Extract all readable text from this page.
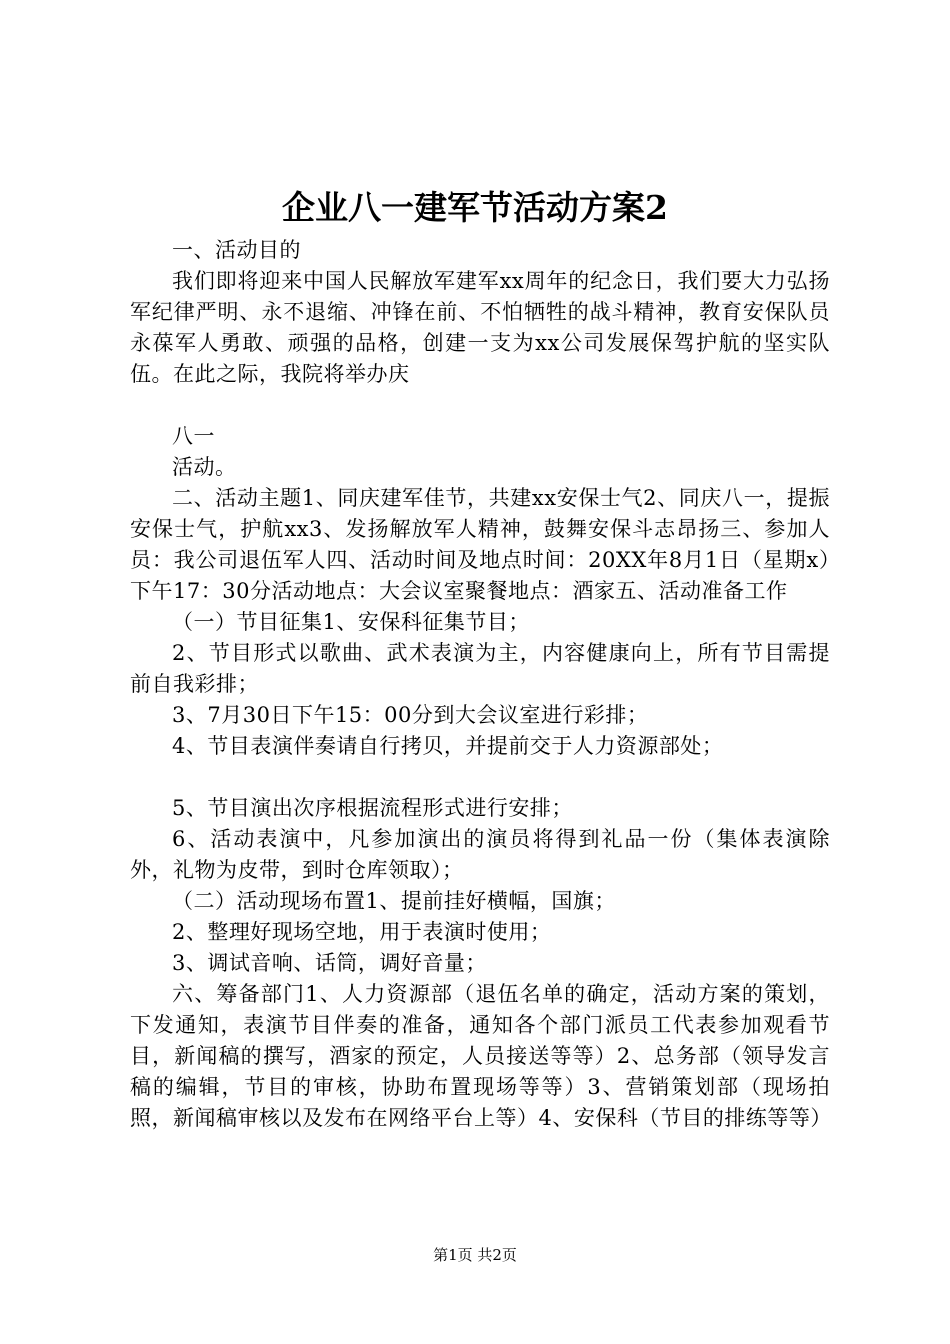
企业八一建军节活动方案2

一、活动目的

我们即将迎来中国人民解放军建军xx周年的纪念日，我们要大力弘扬军纪律严明、永不退缩、冲锋在前、不怕牺牲的战斗精神，教育安保队员永葆军人勇敢、顽强的品格，创建一支为xx公司发展保驾护航的坚实队伍。在此之际，我院将举办庆

八一

活动。

二、活动主题1、同庆建军佳节，共建xx安保士气2、同庆八一，提振安保士气，护航xx3、发扬解放军人精神，鼓舞安保斗志昂扬三、参加人员：我公司退伍军人四、活动时间及地点时间：20XX年8月1日（星期x）下午17：30分活动地点：大会议室聚餐地点：酒家五、活动准备工作

（一）节目征集1、安保科征集节目；

2、节目形式以歌曲、武术表演为主，内容健康向上，所有节目需提前自我彩排；

3、7月30日下午15：00分到大会议室进行彩排；

4、节目表演伴奏请自行拷贝，并提前交于人力资源部处；

5、节目演出次序根据流程形式进行安排；

6、活动表演中，凡参加演出的演员将得到礼品一份（集体表演除外，礼物为皮带，到时仓库领取）；

（二）活动现场布置1、提前挂好横幅，国旗；

2、整理好现场空地，用于表演时使用；

3、调试音响、话筒，调好音量；

六、筹备部门1、人力资源部（退伍名单的确定，活动方案的策划，下发通知，表演节目伴奏的准备，通知各个部门派员工代表参加观看节目，新闻稿的撰写，酒家的预定，人员接送等等）2、总务部（领导发言稿的编辑，节目的审核，协助布置现场等等）3、营销策划部（现场拍照，新闻稿审核以及发布在网络平台上等）4、安保科（节目的排练等等）

第1页 共2页
